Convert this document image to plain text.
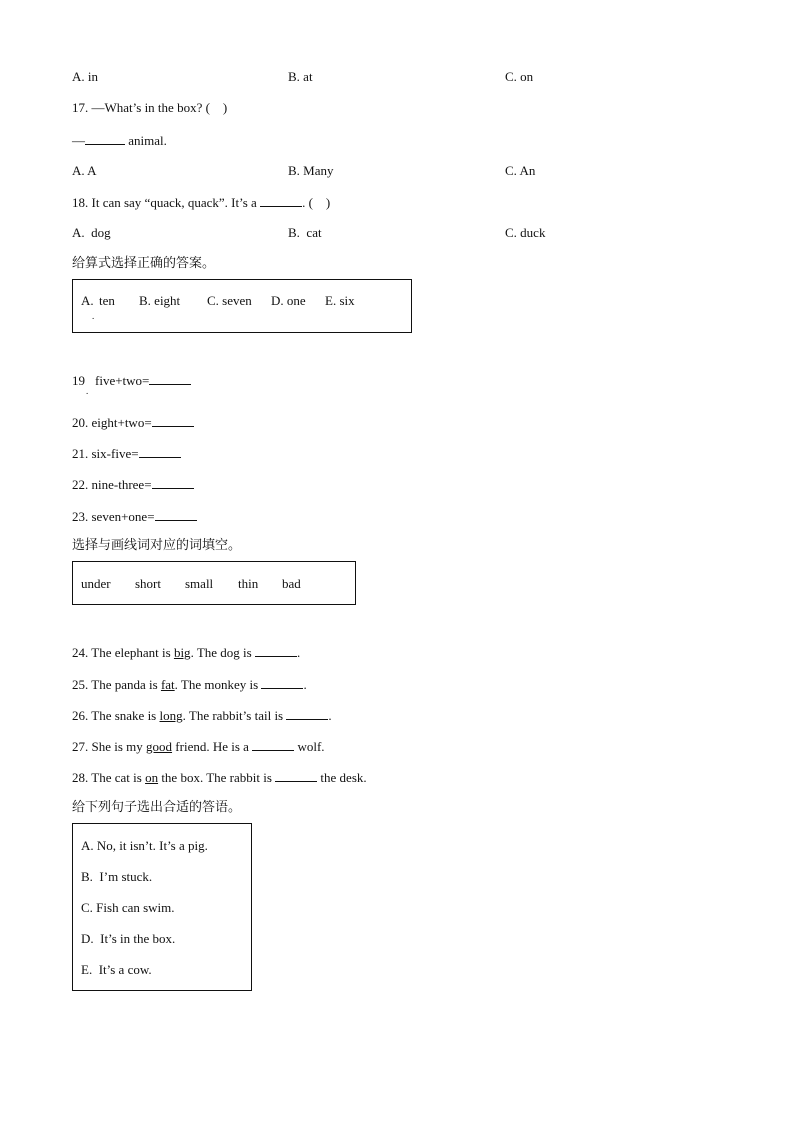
A. in	B. at	C. on
17. —What’s in the box? (    )
—	animal.
A. A	B. Many	C. An
18. It can say “quack, quack”. It’s a	. (    )
A.  dog	B.  cat	C. duck
给算式选择正确的答案。
A. ten
.
B. eight C. seven D. one E. six
19 five+two=
.
20. eight+two=
21. six-five=
22. nine-three=
23. seven+one=
选择与画线词对应的词填空。
under short small thin bad
24. The elephant is big. The dog is	.
25. The panda is fat. The monkey is	.
26. The snake is long. The rabbit’s tail is	.
27. She is my good friend. He is a	wolf.
28. The cat is on the box. The rabbit is	the desk.
给下列句子选出合适的答语。
A. No, it isn’t. It’s a pig.
B.  I’m stuck.
C. Fish can swim.
D.  It’s in the box.
E.  It’s a cow.
